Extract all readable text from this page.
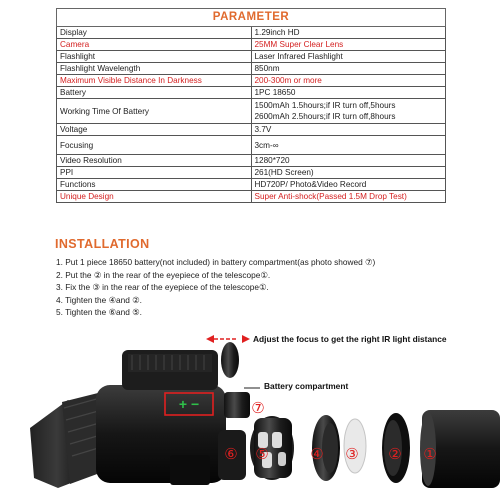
PARAMETER	
Display	1.29inch HD
Camera	25MM Super Clear Lens
Flashlight	Laser Infrared Flashlight
Flashlight Wavelength	850nm
Maximum Visible Distance In Darkness	200-300m or more
Battery	1PC 18650
Working Time Of Battery	1500mAh 1.5hours;if IR turn off,5hours
2600mAh 2.5hours;if IR turn off,8hours

Voltage	3.7V
Focusing	3cm-∞
Video Resolution	1280*720
PPI	261(HD Screen)
Functions	HD720P/ Photo&Video Record
Unique Design	Super Anti-shock(Passed 1.5M Drop Test)
INSTALLATION
1. Put 1 piece 18650 battery(not included) in battery compartment(as photo showed ⑦)
2. Put the ② in the rear of the eyepiece of the telescope①.
3. Fix the ③ in the rear of the eyepiece of the telescope①.
4. Tighten the ④and ②.
5. Tighten the ⑥and ⑤.
+ −	⑦
⑥ ⑤	④ ③ ② ①
Adjust the focus to get the right IR light distance
Battery compartment
